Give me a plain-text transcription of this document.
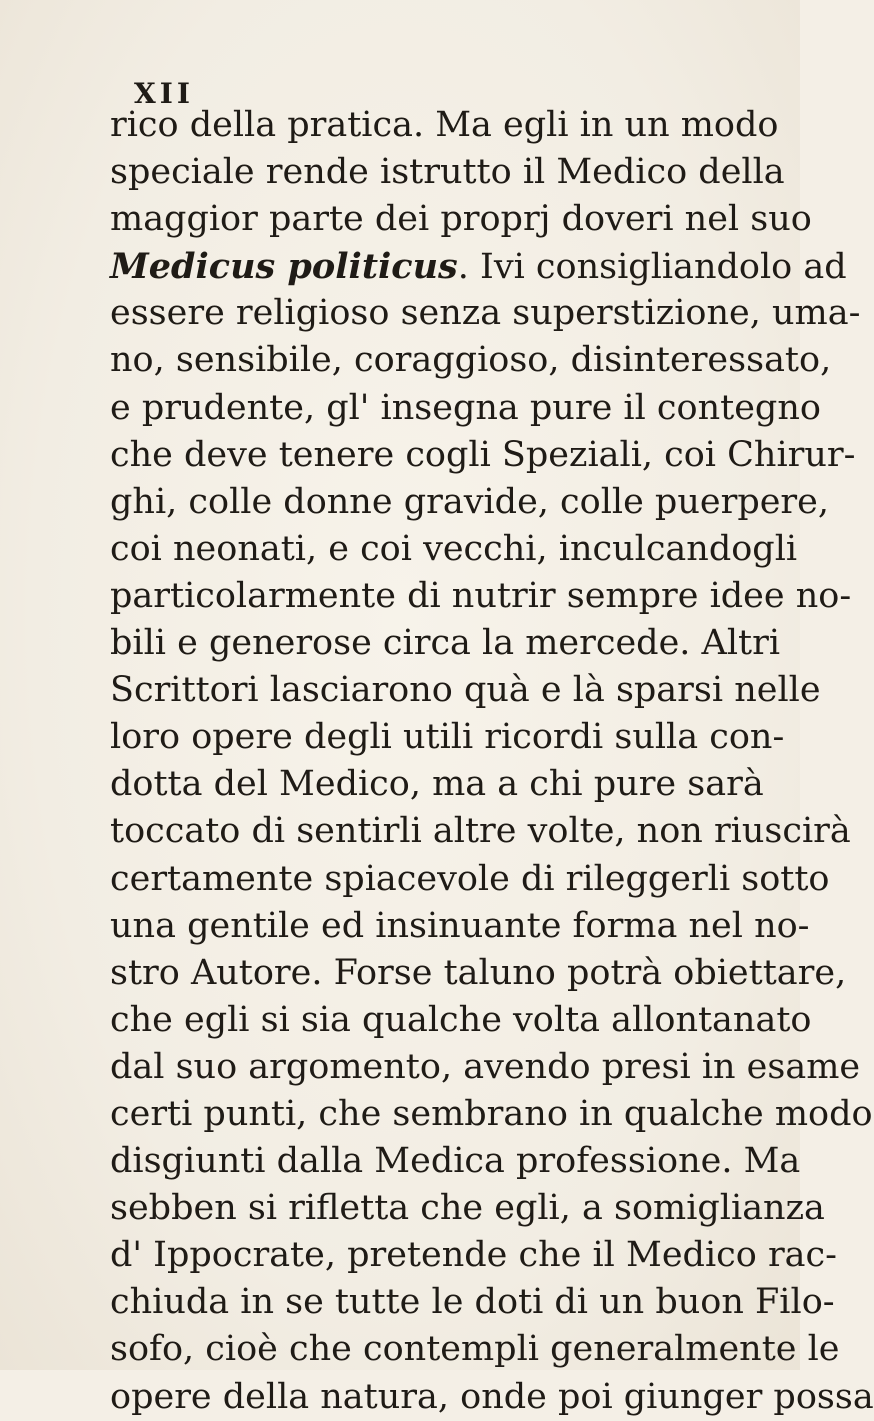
XII
rico della pratica. Ma egli in un modo
speciale rende istrutto il Medico della
maggior parte dei proprj doveri nel suo
Medicus politicus. Ivi consigliandolo ad
essere religioso senza superstizione, uma-
no, sensibile, coraggioso, disinteressato,
e prudente, gl' insegna pure il contegno
che deve tenere cogli Speziali, coi Chirur-
ghi, colle donne gravide, colle puerpere,
coi neonati, e coi vecchi, inculcandogli
particolarmente di nutrir sempre idee no-
bili e generose circa la mercede. Altri
Scrittori lasciarono quà e là sparsi nelle
loro opere degli utili ricordi sulla con-
dotta del Medico, ma a chi pure sarà
toccato di sentirli altre volte, non riuscirà
certamente spiacevole di rileggerli sotto
una gentile ed insinuante forma nel no-
stro Autore. Forse taluno potrà obiettare,
che egli si sia qualche volta allontanato
dal suo argomento, avendo presi in esame
certi punti, che sembrano in qualche modo
disgiunti dalla Medica professione. Ma
sebben si rifletta che egli, a somiglianza
d' Ippocrate, pretende che il Medico rac-
chiuda in se tutte le doti di un buon Filo-
sofo, cioè che contempli generalmente le
opere della natura, onde poi giunger possa
